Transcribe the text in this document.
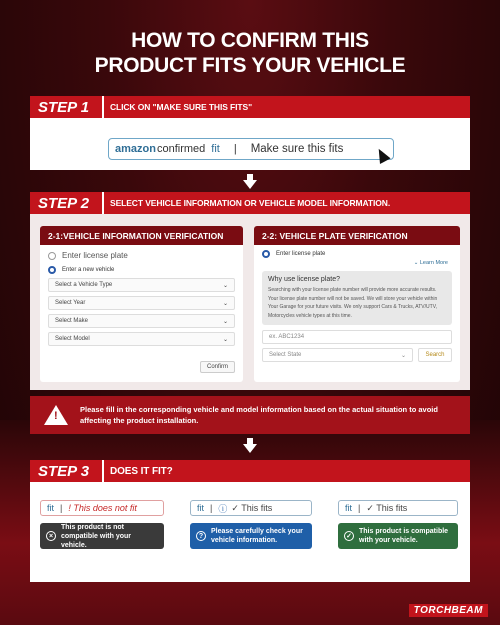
HOW TO CONFIRM THIS
PRODUCT FITS YOUR VEHICLE
STEP 1	CLICK ON "MAKE SURE THIS FITS"
amazon confirmed fit | Make sure this fits
STEP 2	SELECT VEHICLE INFORMATION OR VEHICLE MODEL INFORMATION.
2-1:VEHICLE INFORMATION VERIFICATION
Enter license plate
Enter a new vehicle
Select a Vehicle Type	⌄
Select Year	⌄
Select Make	⌄
Select Model	⌄
Confirm
2-2: VEHICLE PLATE VERIFICATION
Enter license plate
⌄ Learn More
Why use license plate?

Searching with your license plate number will provide more accurate results. Your license plate number will not be saved. We will store your vehicle within Your Garage for your future visits. We only support Cars & Trucks, ATV/UTV, Motorcycles vehicle types at this time.

ex. ABC1234
Select State	⌄	Search
!
Please fill in the corresponding vehicle and model information based on the actual situation to avoid affecting the product installation.
STEP 3	DOES IT FIT?
fit | ! This does not fit
×
This product is not compatible with your vehicle.
fit | ⓘ ✓ This fits
?
Please carefully check your vehicle information.
fit | ✓ This fits
✓
This product is compatible with your vehicle.
TORCHBEAM
